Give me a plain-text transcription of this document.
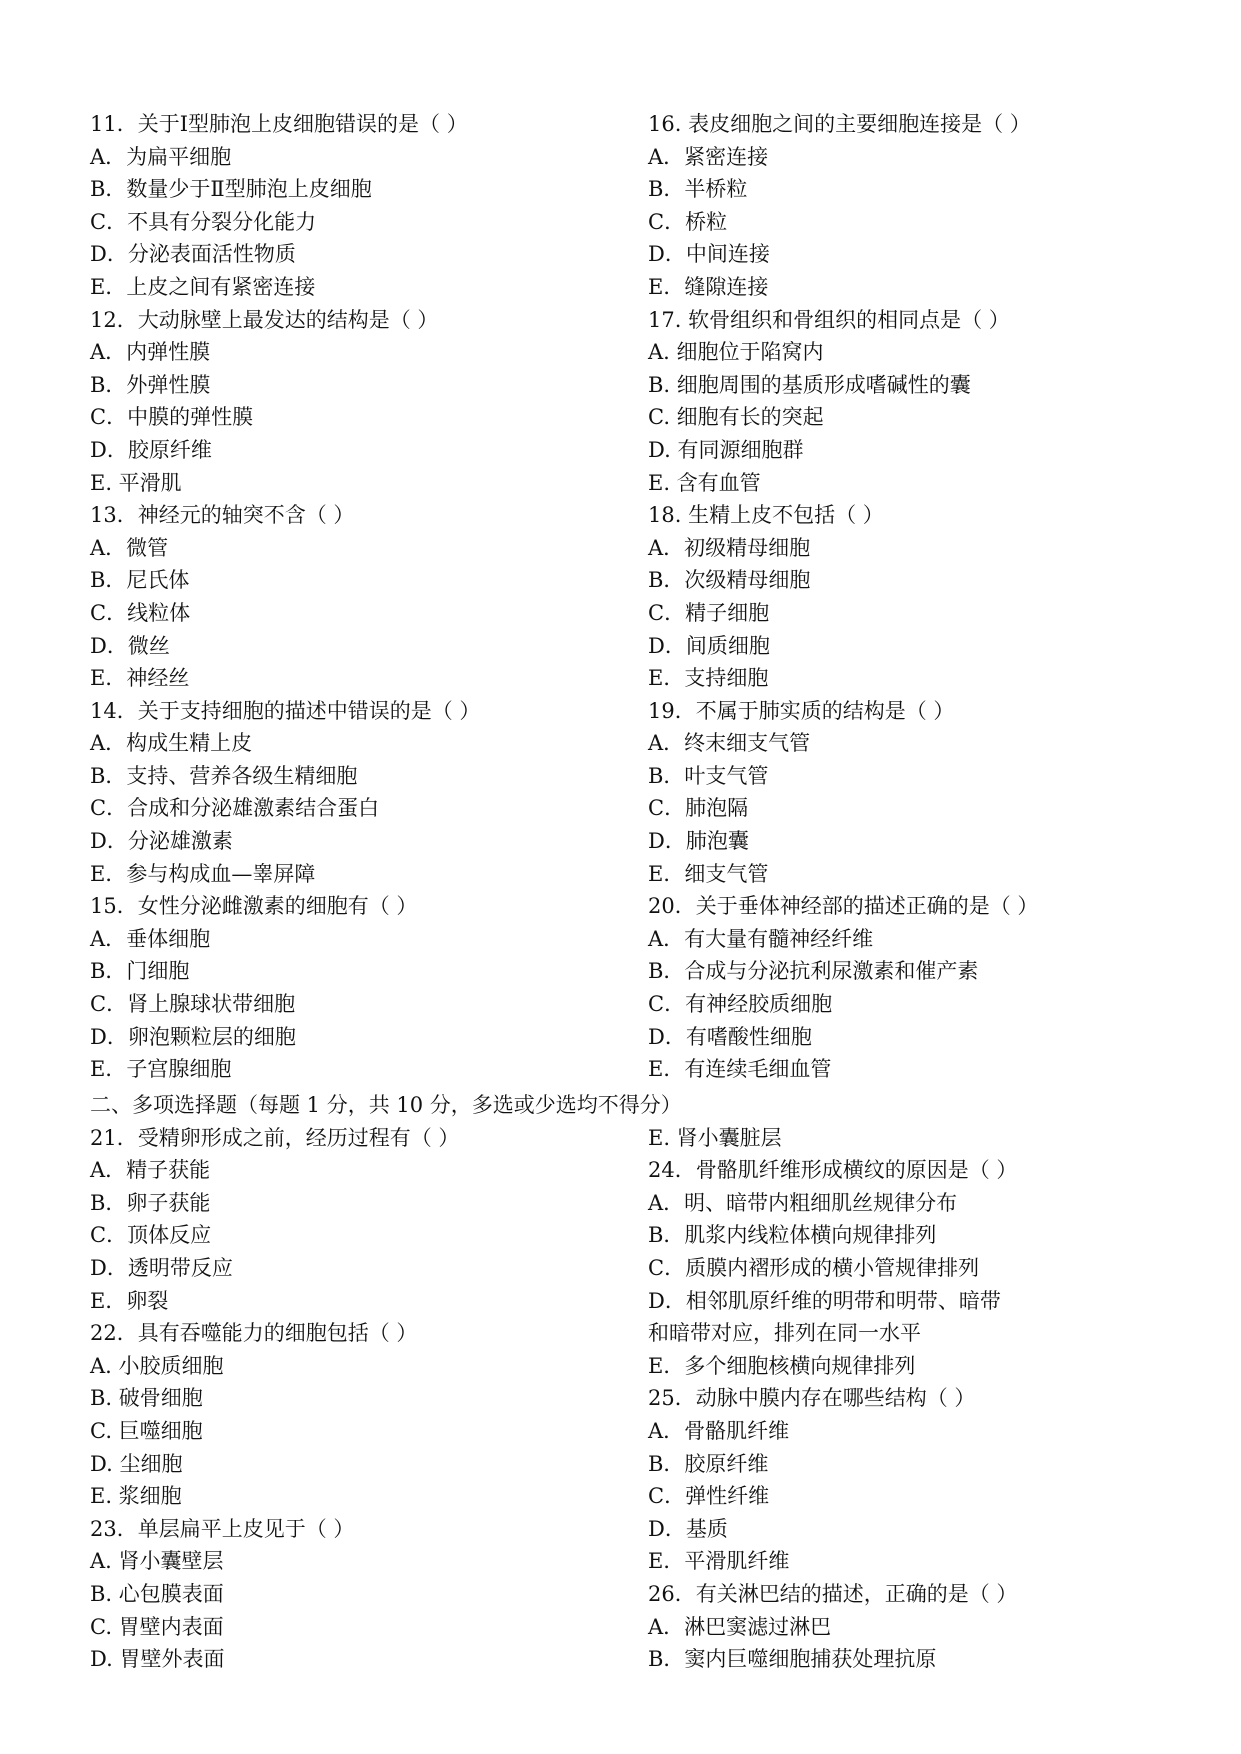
11．关于Ⅰ型肺泡上皮细胞错误的是（ ）
A．为扁平细胞
B．数量少于Ⅱ型肺泡上皮细胞
C．不具有分裂分化能力
D．分泌表面活性物质
E．上皮之间有紧密连接
12．大动脉壁上最发达的结构是（ ）
A．内弹性膜
B．外弹性膜
C．中膜的弹性膜
D．胶原纤维
E. 平滑肌
13．神经元的轴突不含（ ）
A．微管
B．尼氏体
C．线粒体
D．微丝
E．神经丝
14．关于支持细胞的描述中错误的是（ ）
A．构成生精上皮
B．支持、营养各级生精细胞
C．合成和分泌雄激素结合蛋白
D．分泌雄激素
E．参与构成血—睾屏障
15．女性分泌雌激素的细胞有（ ）
A．垂体细胞
B．门细胞
C．肾上腺球状带细胞
D．卵泡颗粒层的细胞
E．子宫腺细胞
16. 表皮细胞之间的主要细胞连接是（ ）
A．紧密连接
B．半桥粒
C．桥粒
D．中间连接
E．缝隙连接
17. 软骨组织和骨组织的相同点是（ ）
A. 细胞位于陷窝内
B. 细胞周围的基质形成嗜碱性的囊
C. 细胞有长的突起
D. 有同源细胞群
E. 含有血管
18. 生精上皮不包括（ ）
A．初级精母细胞
B．次级精母细胞
C．精子细胞
D．间质细胞
E．支持细胞
19．不属于肺实质的结构是（ ）
A．终末细支气管
B．叶支气管
C．肺泡隔
D．肺泡囊
E．细支气管
20．关于垂体神经部的描述正确的是（ ）
A．有大量有髓神经纤维
B．合成与分泌抗利尿激素和催产素
C．有神经胶质细胞
D．有嗜酸性细胞
E．有连续毛细血管
二、多项选择题（每题 1 分，共 10 分，多选或少选均不得分）
21．受精卵形成之前，经历过程有（ ）
A．精子获能
B．卵子获能
C．顶体反应
D．透明带反应
E．卵裂
22．具有吞噬能力的细胞包括（ ）
A. 小胶质细胞
B. 破骨细胞
C. 巨噬细胞
D. 尘细胞
E. 浆细胞
23．单层扁平上皮见于（ ）
A. 肾小囊壁层
B. 心包膜表面
C. 胃壁内表面
D. 胃壁外表面
E. 肾小囊脏层
24．骨骼肌纤维形成横纹的原因是（ ）
A．明、暗带内粗细肌丝规律分布
B．肌浆内线粒体横向规律排列
C．质膜内褶形成的横小管规律排列
D．相邻肌原纤维的明带和明带、暗带
和暗带对应，排列在同一水平
E．多个细胞核横向规律排列
25．动脉中膜内存在哪些结构（ ）
A．骨骼肌纤维
B．胶原纤维
C．弹性纤维
D．基质
E．平滑肌纤维
26．有关淋巴结的描述，正确的是（ ）
A．淋巴窦滤过淋巴
B．窦内巨噬细胞捕获处理抗原
